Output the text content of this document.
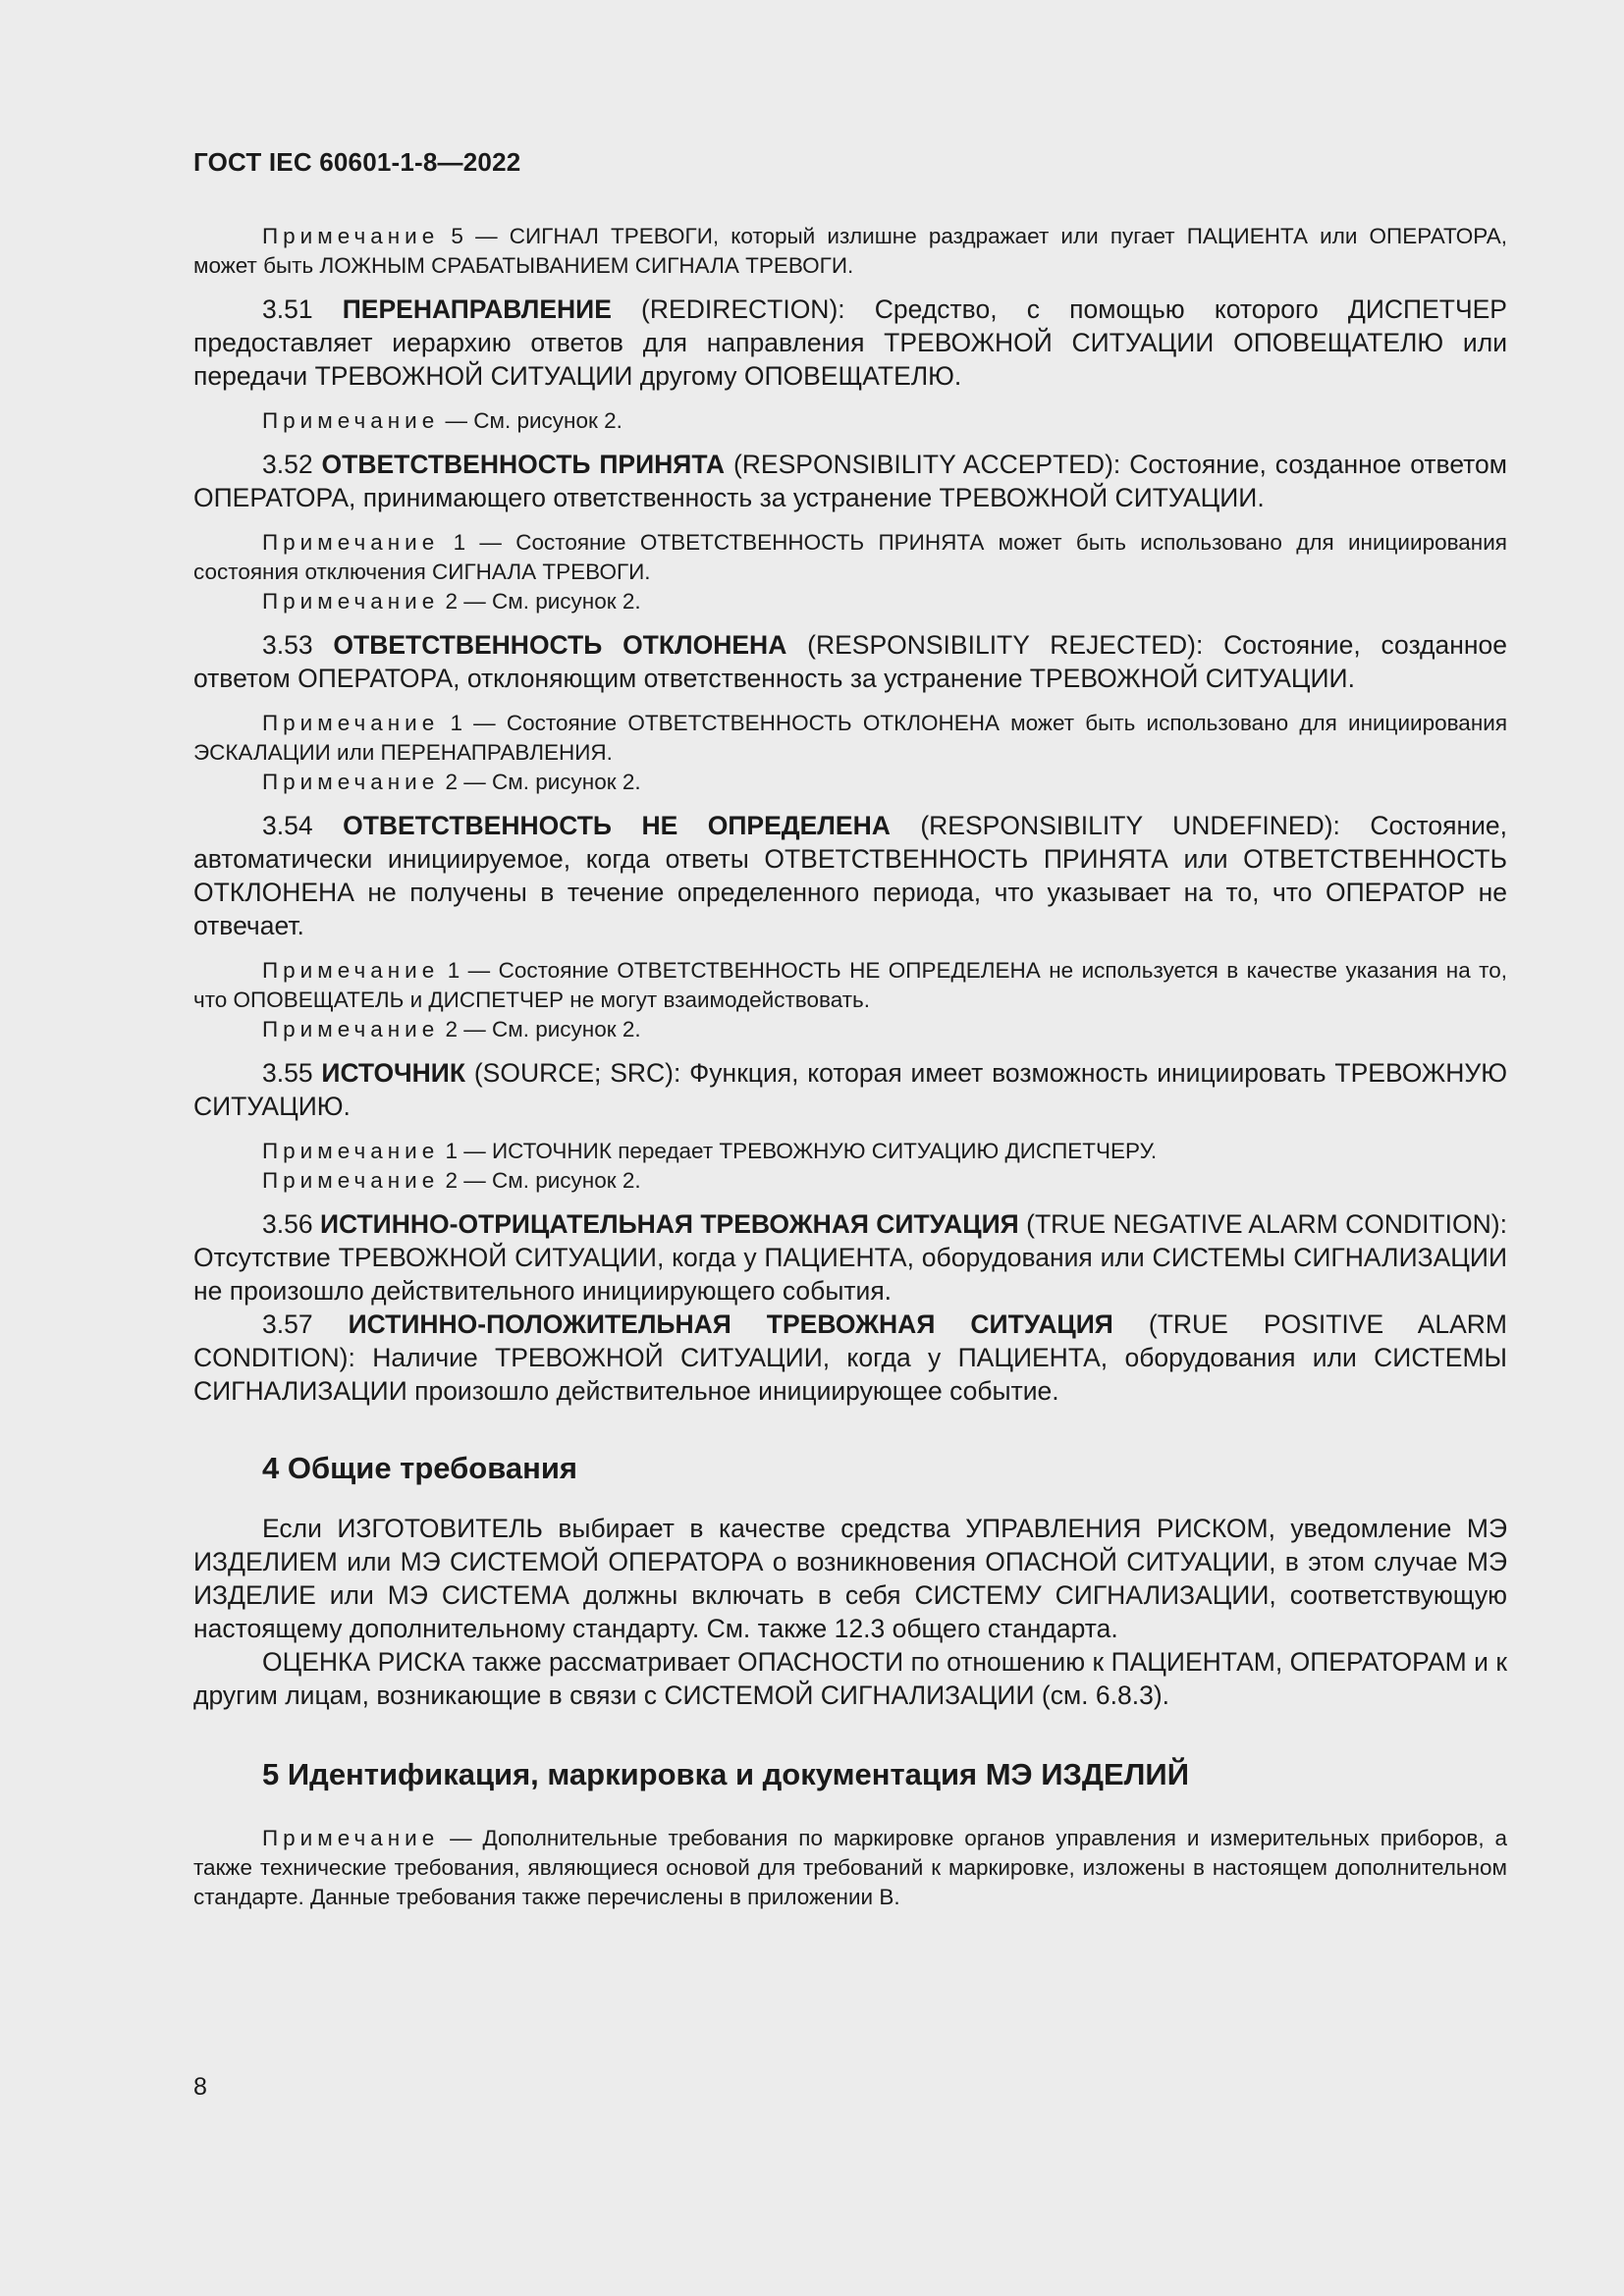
ГОСТ IEC 60601-1-8—2022

Примечание 5 — СИГНАЛ ТРЕВОГИ, который излишне раздражает или пугает ПАЦИЕНТА или ОПЕРАТОРА, может быть ЛОЖНЫМ СРАБАТЫВАНИЕМ СИГНАЛА ТРЕВОГИ.

3.51 ПЕРЕНАПРАВЛЕНИЕ (REDIRECTION): Средство, с помощью которого ДИСПЕТЧЕР предоставляет иерархию ответов для направления ТРЕВОЖНОЙ СИТУАЦИИ ОПОВЕЩАТЕЛЮ или передачи ТРЕВОЖНОЙ СИТУАЦИИ другому ОПОВЕЩАТЕЛЮ.

Примечание — См. рисунок 2.

3.52 ОТВЕТСТВЕННОСТЬ ПРИНЯТА (RESPONSIBILITY ACCEPTED): Состояние, созданное ответом ОПЕРАТОРА, принимающего ответственность за устранение ТРЕВОЖНОЙ СИТУАЦИИ.

Примечание 1 — Состояние ОТВЕТСТВЕННОСТЬ ПРИНЯТА может быть использовано для инициирования состояния отключения СИГНАЛА ТРЕВОГИ.

Примечание 2 — См. рисунок 2.

3.53 ОТВЕТСТВЕННОСТЬ ОТКЛОНЕНА (RESPONSIBILITY REJECTED): Состояние, созданное ответом ОПЕРАТОРА, отклоняющим ответственность за устранение ТРЕВОЖНОЙ СИТУАЦИИ.

Примечание 1 — Состояние ОТВЕТСТВЕННОСТЬ ОТКЛОНЕНА может быть использовано для инициирования ЭСКАЛАЦИИ или ПЕРЕНАПРАВЛЕНИЯ.

Примечание 2 — См. рисунок 2.

3.54 ОТВЕТСТВЕННОСТЬ НЕ ОПРЕДЕЛЕНА (RESPONSIBILITY UNDEFINED): Состояние, автоматически инициируемое, когда ответы ОТВЕТСТВЕННОСТЬ ПРИНЯТА или ОТВЕТСТВЕННОСТЬ ОТКЛОНЕНА не получены в течение определенного периода, что указывает на то, что ОПЕРАТОР не отвечает.

Примечание 1 — Состояние ОТВЕТСТВЕННОСТЬ НЕ ОПРЕДЕЛЕНА не используется в качестве указания на то, что ОПОВЕЩАТЕЛЬ и ДИСПЕТЧЕР не могут взаимодействовать.

Примечание 2 — См. рисунок 2.

3.55 ИСТОЧНИК (SOURCE; SRC): Функция, которая имеет возможность инициировать ТРЕВОЖНУЮ СИТУАЦИЮ.

Примечание 1 — ИСТОЧНИК передает ТРЕВОЖНУЮ СИТУАЦИЮ ДИСПЕТЧЕРУ.

Примечание 2 — См. рисунок 2.

3.56 ИСТИННО-ОТРИЦАТЕЛЬНАЯ ТРЕВОЖНАЯ СИТУАЦИЯ (TRUE NEGATIVE ALARM CONDITION): Отсутствие ТРЕВОЖНОЙ СИТУАЦИИ, когда у ПАЦИЕНТА, оборудования или СИСТЕМЫ СИГНАЛИЗАЦИИ не произошло действительного инициирующего события.

3.57 ИСТИННО-ПОЛОЖИТЕЛЬНАЯ ТРЕВОЖНАЯ СИТУАЦИЯ (TRUE POSITIVE ALARM CONDITION): Наличие ТРЕВОЖНОЙ СИТУАЦИИ, когда у ПАЦИЕНТА, оборудования или СИСТЕМЫ СИГНАЛИЗАЦИИ произошло действительное инициирующее событие.

4 Общие требования

Если ИЗГОТОВИТЕЛЬ выбирает в качестве средства УПРАВЛЕНИЯ РИСКОМ, уведомление МЭ ИЗДЕЛИЕМ или МЭ СИСТЕМОЙ ОПЕРАТОРА о возникновения ОПАСНОЙ СИТУАЦИИ, в этом случае МЭ ИЗДЕЛИЕ или МЭ СИСТЕМА должны включать в себя СИСТЕМУ СИГНАЛИЗАЦИИ, соответствующую настоящему дополнительному стандарту. См. также 12.3 общего стандарта.

ОЦЕНКА РИСКА также рассматривает ОПАСНОСТИ по отношению к ПАЦИЕНТАМ, ОПЕРАТОРАМ и к другим лицам, возникающие в связи с СИСТЕМОЙ СИГНАЛИЗАЦИИ (см. 6.8.3).

5 Идентификация, маркировка и документация МЭ ИЗДЕЛИЙ

Примечание — Дополнительные требования по маркировке органов управления и измерительных приборов, а также технические требования, являющиеся основой для требований к маркировке, изложены в настоящем дополнительном стандарте. Данные требования также перечислены в приложении В.

8
